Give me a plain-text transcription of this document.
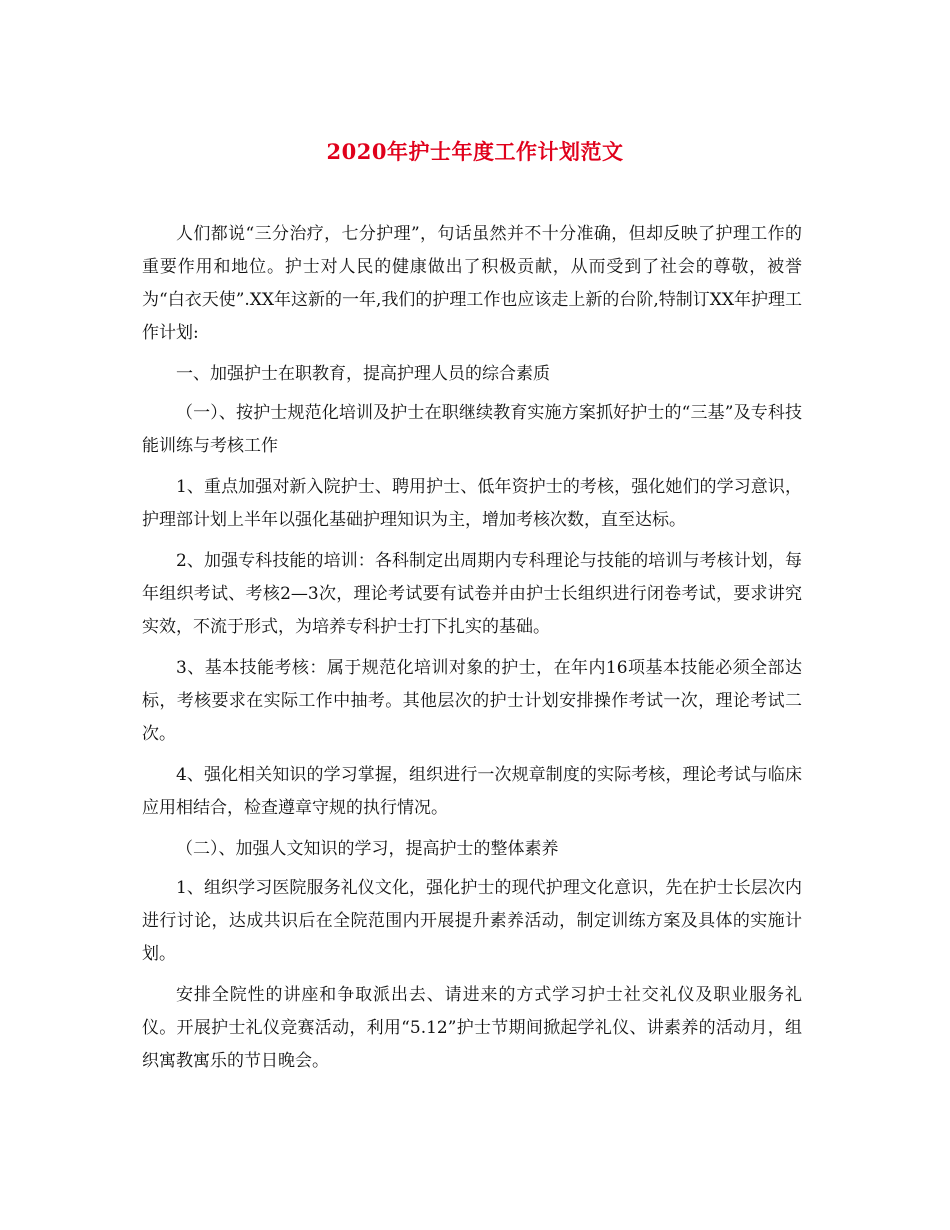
2020年护士年度工作计划范文

人们都说“三分治疗，七分护理”，句话虽然并不十分准确，但却反映了护理工作的重要作用和地位。护士对人民的健康做出了积极贡献，从而受到了社会的尊敬，被誉为“白衣天使”.XX年这新的一年,我们的护理工作也应该走上新的台阶,特制订XX年护理工作计划:

一、加强护士在职教育，提高护理人员的综合素质

（一）、按护士规范化培训及护士在职继续教育实施方案抓好护士的“三基”及专科技能训练与考核工作

1、重点加强对新入院护士、聘用护士、低年资护士的考核，强化她们的学习意识，护理部计划上半年以强化基础护理知识为主，增加考核次数，直至达标。

2、加强专科技能的培训：各科制定出周期内专科理论与技能的培训与考核计划，每年组织考试、考核2—3次，理论考试要有试卷并由护士长组织进行闭卷考试，要求讲究实效，不流于形式，为培养专科护士打下扎实的基础。

3、基本技能考核：属于规范化培训对象的护士，在年内16项基本技能必须全部达标，考核要求在实际工作中抽考。其他层次的护士计划安排操作考试一次，理论考试二次。

4、强化相关知识的学习掌握，组织进行一次规章制度的实际考核，理论考试与临床应用相结合，检查遵章守规的执行情况。

（二）、加强人文知识的学习，提高护士的整体素养

1、组织学习医院服务礼仪文化，强化护士的现代护理文化意识，先在护士长层次内进行讨论，达成共识后在全院范围内开展提升素养活动，制定训练方案及具体的实施计划。

安排全院性的讲座和争取派出去、请进来的方式学习护士社交礼仪及职业服务礼仪。开展护士礼仪竞赛活动，利用“5.12”护士节期间掀起学礼仪、讲素养的活动月，组织寓教寓乐的节日晚会。
